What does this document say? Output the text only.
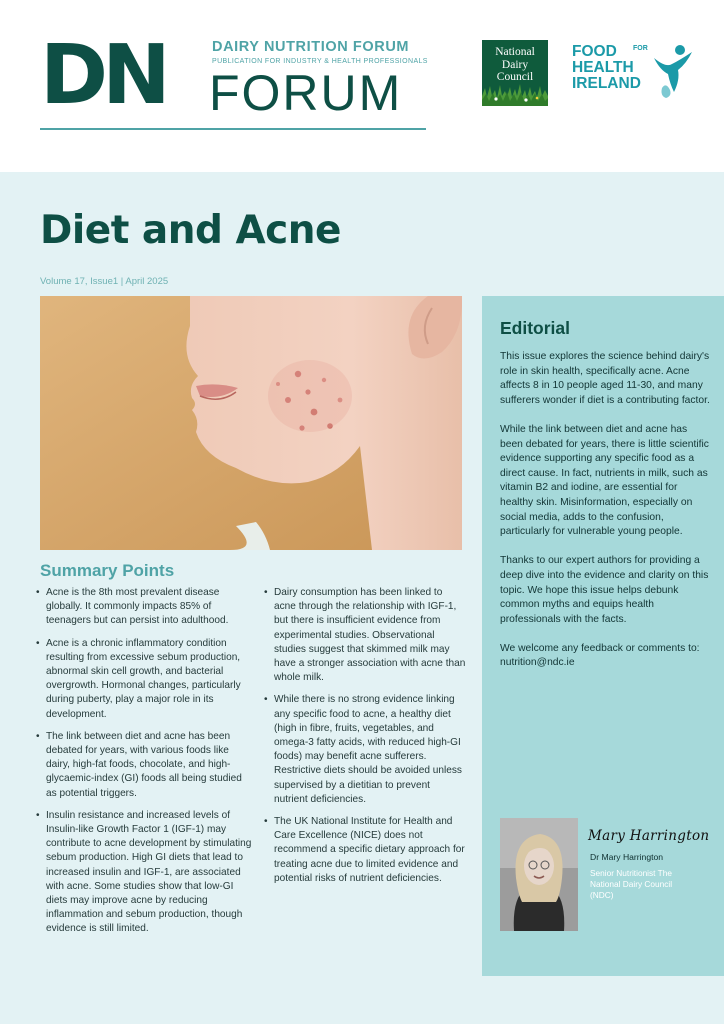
DN	DAIRY NUTRITION FORUM
PUBLICATION FOR INDUSTRY & HEALTH PROFESSIONALS
FORUM
National
Dairy
Council
FOOD
HEALTH
IRELAND
FOR
Diet and Acne
Volume 17, Issue1 | April 2025
Summary Points
• Acne is the 8th most prevalent disease globally. It commonly impacts 85% of teenagers but can persist into adulthood.
• Acne is a chronic inflammatory condition resulting from excessive sebum production, abnormal skin cell growth, and bacterial overgrowth. Hormonal changes, particularly during puberty, play a major role in its development.
• The link between diet and acne has been debated for years, with various foods like dairy, high-fat foods, chocolate, and high-glycaemic-index (GI) foods all being studied as potential triggers.
• Insulin resistance and increased levels of Insulin-like Growth Factor 1 (IGF-1) may contribute to acne development by stimulating sebum production. High GI diets that lead to increased insulin and IGF-1, are associated with acne. Some studies show that low-GI diets may improve acne by reducing inflammation and sebum production, though evidence is still limited.
• Dairy consumption has been linked to acne through the relationship with IGF-1, but there is insufficient evidence from experimental studies. Observational studies suggest that skimmed milk may have a stronger association with acne than whole milk.
• While there is no strong evidence linking any specific food to acne, a healthy diet (high in fibre, fruits, vegetables, and omega-3 fatty acids, with reduced high-GI foods) may benefit acne sufferers. Restrictive diets should be avoided unless supervised by a dietitian to prevent nutrient deficiencies.
• The UK National Institute for Health and Care Excellence (NICE) does not recommend a specific dietary approach for treating acne due to limited evidence and potential risks of nutrient deficiencies.
Editorial

This issue explores the science behind dairy's role in skin health, specifically acne. Acne affects 8 in 10 people aged 11-30, and many sufferers wonder if diet is a contributing factor.

While the link between diet and acne has been debated for years, there is little scientific evidence supporting any specific food as a direct cause. In fact, nutrients in milk, such as vitamin B2 and iodine, are essential for healthy skin. Misinformation, especially on social media, adds to the confusion, particularly for vulnerable young people.

Thanks to our expert authors for providing a deep dive into the evidence and clarity on this topic. We hope this issue helps debunk common myths and equips health professionals with the facts.

We welcome any feedback or comments to: nutrition@ndc.ie

Mary Harrington
Dr Mary Harrington
Senior Nutritionist The National Dairy Council (NDC)
